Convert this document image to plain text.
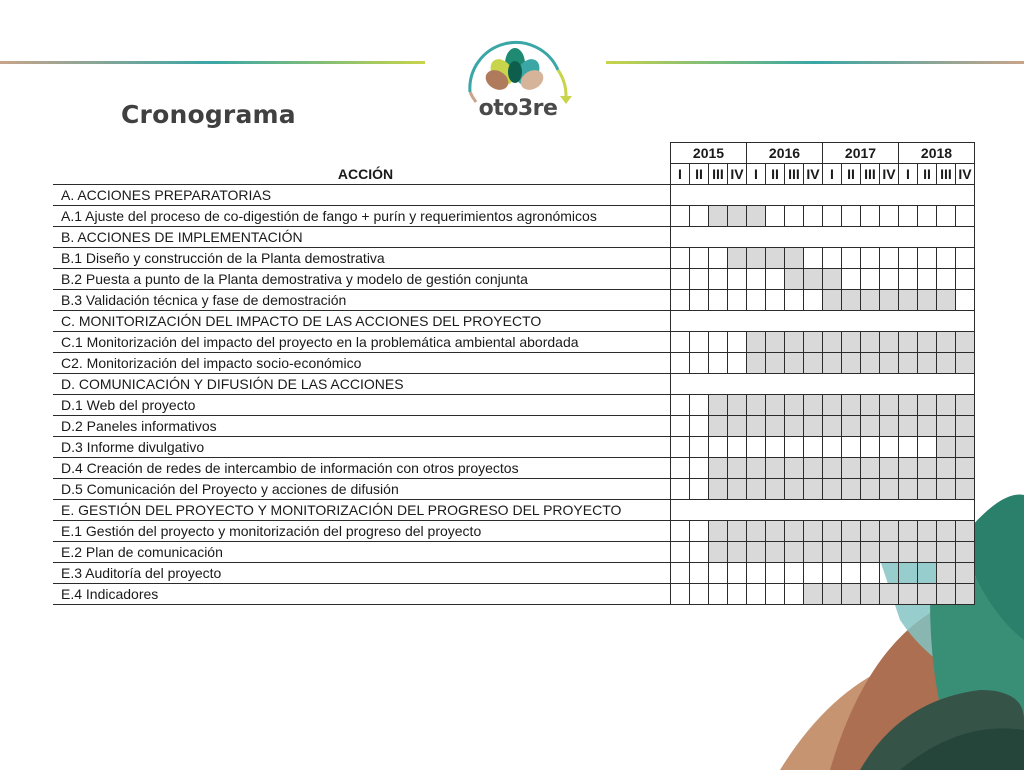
Cronograma	oto3re
	2015				2016				2017				2018			
ACCIÓN	I	II	III	IV	I	II	III	IV	I	II	III	IV	I	II	III	IV
A. ACCIONES PREPARATORIAS																
A.1 Ajuste del proceso de co-digestión de fango + purín y requerimientos agronómicos																
B. ACCIONES DE IMPLEMENTACIÓN																
B.1 Diseño y construcción de la Planta demostrativa																
B.2 Puesta a punto de la Planta demostrativa y modelo de gestión conjunta																
B.3 Validación técnica y fase de demostración																
C. MONITORIZACIÓN DEL IMPACTO DE LAS ACCIONES DEL PROYECTO																
C.1 Monitorización del impacto del proyecto en la problemática ambiental abordada																
C2. Monitorización del impacto socio-económico																
D. COMUNICACIÓN Y DIFUSIÓN DE LAS ACCIONES																
D.1 Web del proyecto																
D.2 Paneles informativos																
D.3 Informe divulgativo																
D.4 Creación de redes de intercambio de información con otros proyectos																
D.5 Comunicación del Proyecto y acciones de difusión																
E. GESTIÓN DEL PROYECTO Y MONITORIZACIÓN DEL PROGRESO DEL PROYECTO																
E.1 Gestión del proyecto y monitorización del progreso del proyecto																
E.2 Plan de comunicación																
E.3 Auditoría del proyecto																
E.4 Indicadores																
